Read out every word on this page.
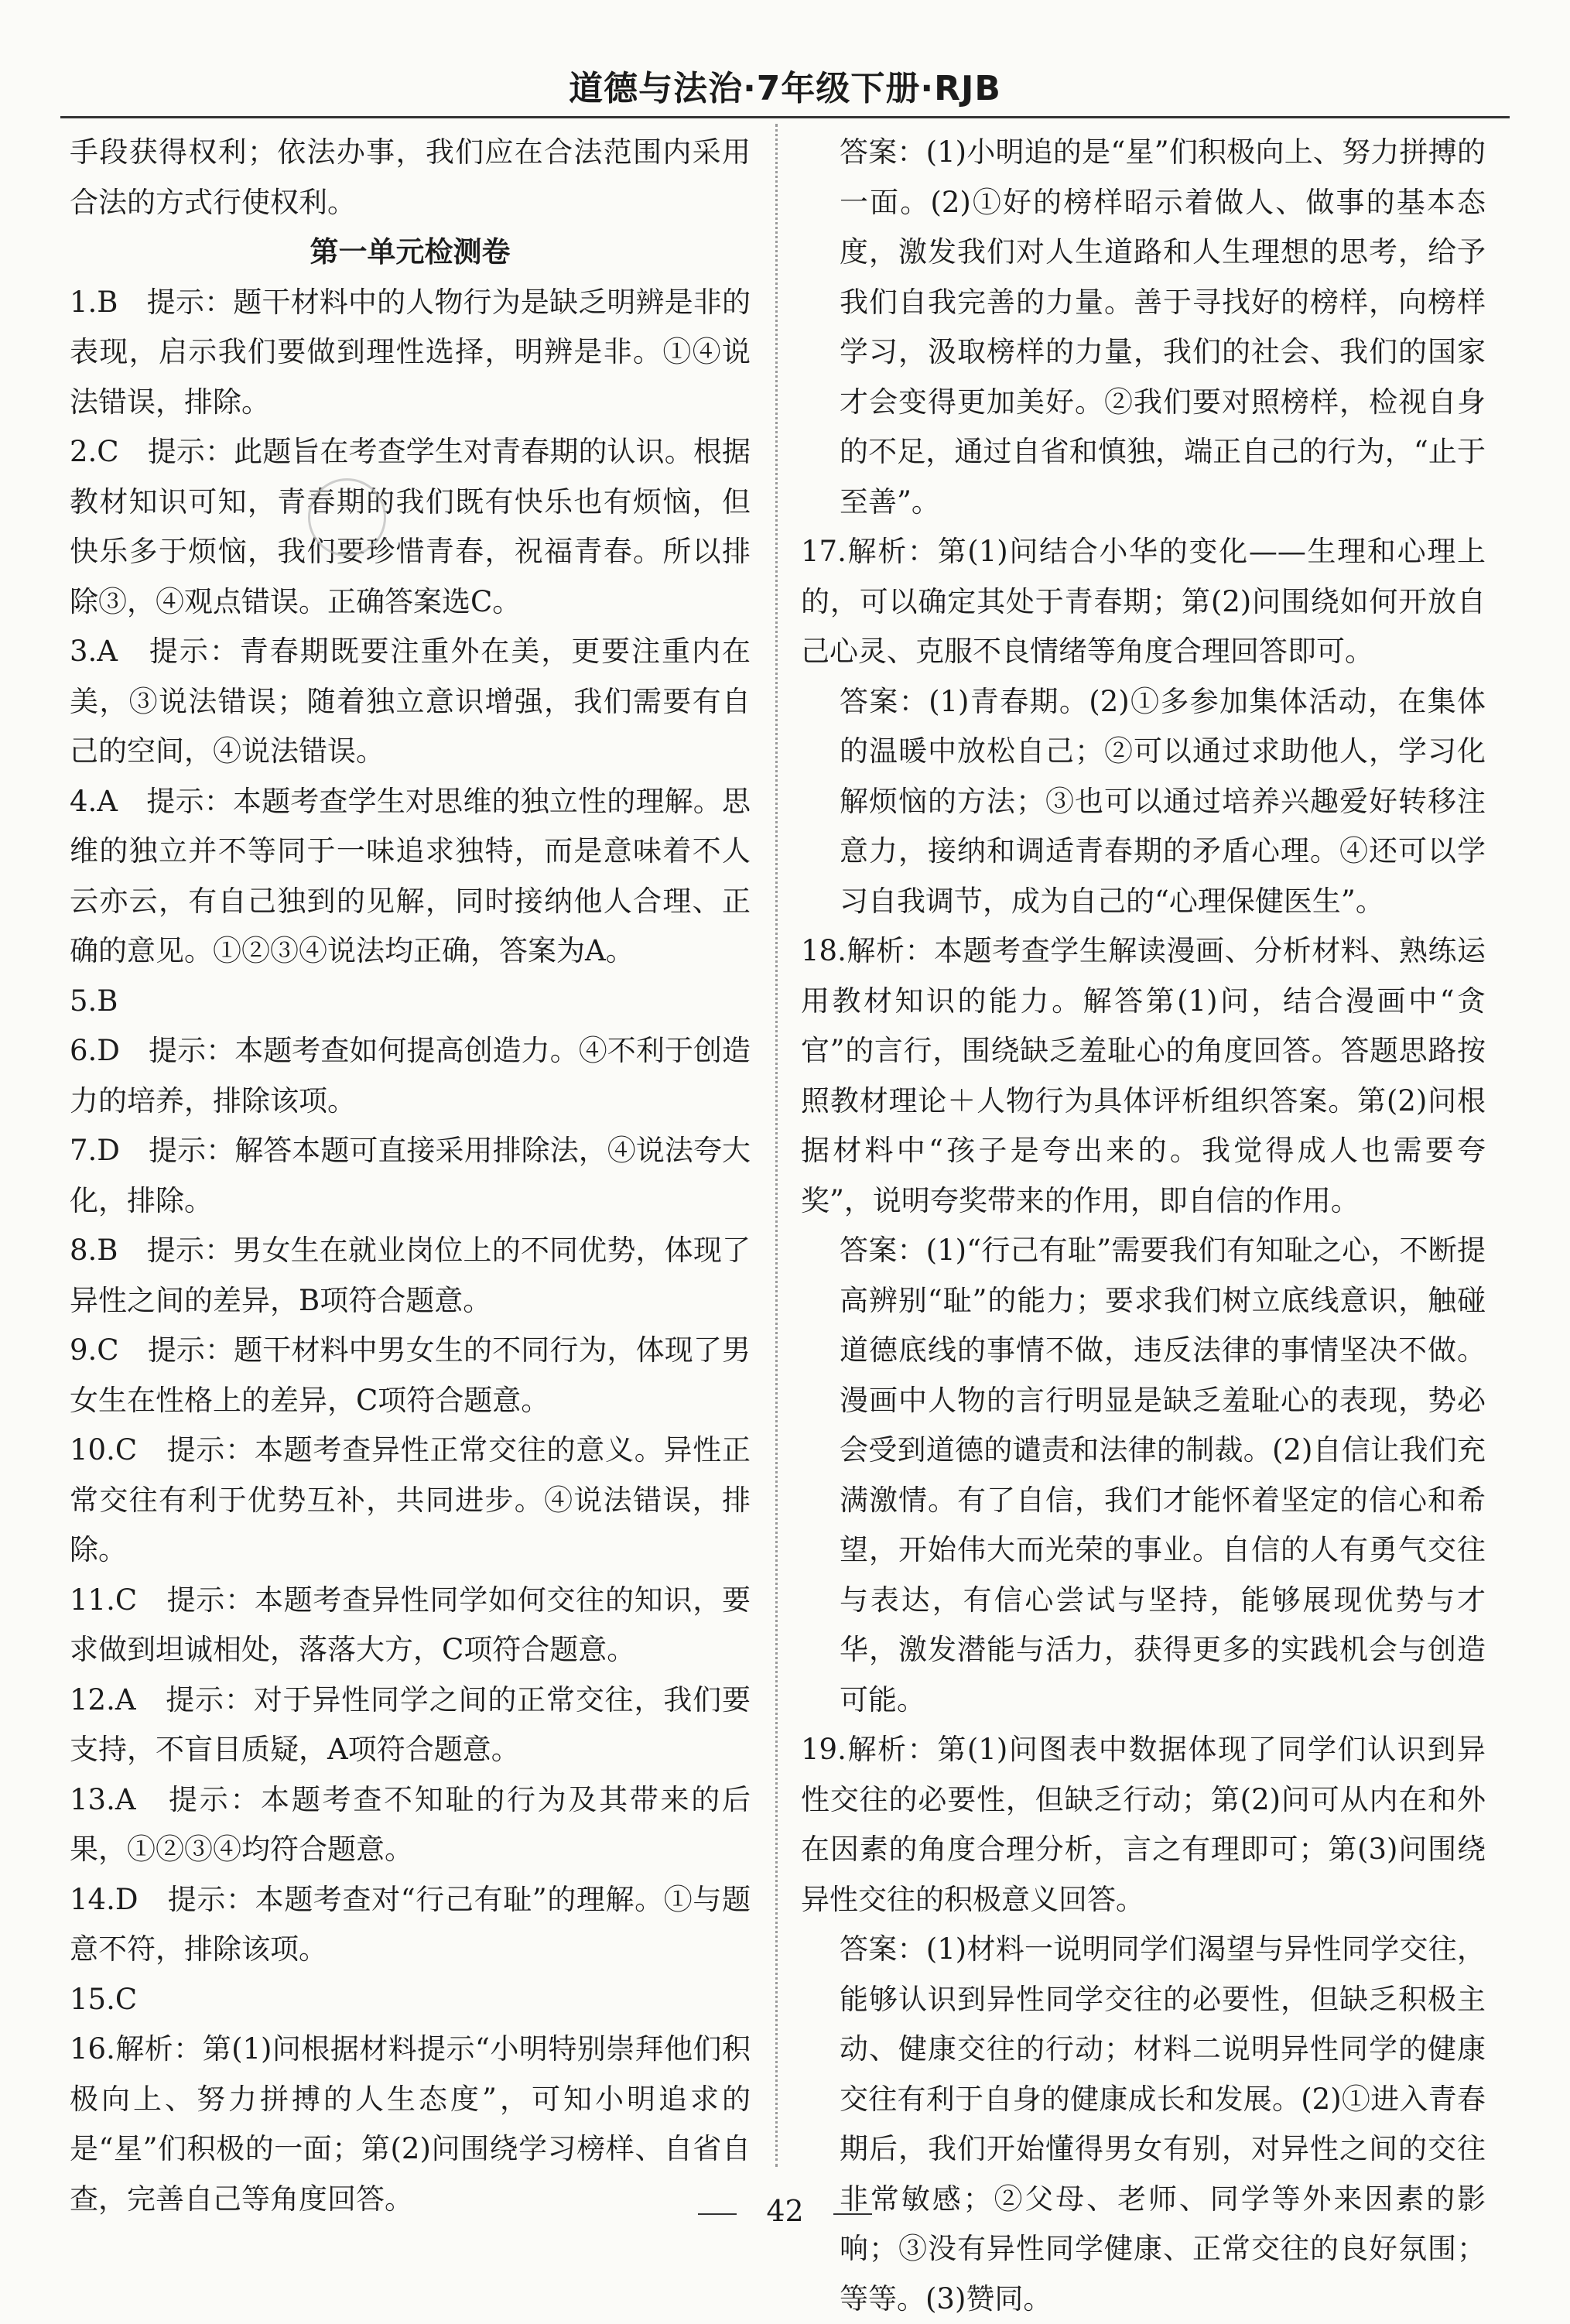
道德与法治·7年级下册·RJB
手段获得权利；依法办事，我们应在合法范围内采用合法的方式行使权利。
第一单元检测卷
1.B　提示：题干材料中的人物行为是缺乏明辨是非的表现，启示我们要做到理性选择，明辨是非。①④说法错误，排除。
2.C　提示：此题旨在考查学生对青春期的认识。根据教材知识可知，青春期的我们既有快乐也有烦恼，但快乐多于烦恼，我们要珍惜青春，祝福青春。所以排除③，④观点错误。正确答案选C。
3.A　提示：青春期既要注重外在美，更要注重内在美，③说法错误；随着独立意识增强，我们需要有自己的空间，④说法错误。
4.A　提示：本题考查学生对思维的独立性的理解。思维的独立并不等同于一味追求独特，而是意味着不人云亦云，有自己独到的见解，同时接纳他人合理、正确的意见。①②③④说法均正确，答案为A。
5.B
6.D　提示：本题考查如何提高创造力。④不利于创造力的培养，排除该项。
7.D　提示：解答本题可直接采用排除法，④说法夸大化，排除。
8.B　提示：男女生在就业岗位上的不同优势，体现了异性之间的差异，B项符合题意。
9.C　提示：题干材料中男女生的不同行为，体现了男女生在性格上的差异，C项符合题意。
10.C　提示：本题考查异性正常交往的意义。异性正常交往有利于优势互补，共同进步。④说法错误，排除。
11.C　提示：本题考查异性同学如何交往的知识，要求做到坦诚相处，落落大方，C项符合题意。
12.A　提示：对于异性同学之间的正常交往，我们要支持，不盲目质疑，A项符合题意。
13.A　提示：本题考查不知耻的行为及其带来的后果，①②③④均符合题意。
14.D　提示：本题考查对“行己有耻”的理解。①与题意不符，排除该项。
15.C
16.解析：第(1)问根据材料提示“小明特别崇拜他们积极向上、努力拼搏的人生态度”，可知小明追求的是“星”们积极的一面；第(2)问围绕学习榜样、自省自查，完善自己等角度回答。
答案：(1)小明追的是“星”们积极向上、努力拼搏的一面。(2)①好的榜样昭示着做人、做事的基本态度，激发我们对人生道路和人生理想的思考，给予我们自我完善的力量。善于寻找好的榜样，向榜样学习，汲取榜样的力量，我们的社会、我们的国家才会变得更加美好。②我们要对照榜样，检视自身的不足，通过自省和慎独，端正自己的行为，“止于至善”。
17.解析：第(1)问结合小华的变化——生理和心理上的，可以确定其处于青春期；第(2)问围绕如何开放自己心灵、克服不良情绪等角度合理回答即可。
答案：(1)青春期。(2)①多参加集体活动，在集体的温暖中放松自己；②可以通过求助他人，学习化解烦恼的方法；③也可以通过培养兴趣爱好转移注意力，接纳和调适青春期的矛盾心理。④还可以学习自我调节，成为自己的“心理保健医生”。
18.解析：本题考查学生解读漫画、分析材料、熟练运用教材知识的能力。解答第(1)问，结合漫画中“贪官”的言行，围绕缺乏羞耻心的角度回答。答题思路按照教材理论＋人物行为具体评析组织答案。第(2)问根据材料中“孩子是夸出来的。我觉得成人也需要夸奖”，说明夸奖带来的作用，即自信的作用。
答案：(1)“行己有耻”需要我们有知耻之心，不断提高辨别“耻”的能力；要求我们树立底线意识，触碰道德底线的事情不做，违反法律的事情坚决不做。漫画中人物的言行明显是缺乏羞耻心的表现，势必会受到道德的谴责和法律的制裁。(2)自信让我们充满激情。有了自信，我们才能怀着坚定的信心和希望，开始伟大而光荣的事业。自信的人有勇气交往与表达，有信心尝试与坚持，能够展现优势与才华，激发潜能与活力，获得更多的实践机会与创造可能。
19.解析：第(1)问图表中数据体现了同学们认识到异性交往的必要性，但缺乏行动；第(2)问可从内在和外在因素的角度合理分析，言之有理即可；第(3)问围绕异性交往的积极意义回答。
答案：(1)材料一说明同学们渴望与异性同学交往，能够认识到异性同学交往的必要性，但缺乏积极主动、健康交往的行动；材料二说明异性同学的健康交往有利于自身的健康成长和发展。(2)①进入青春期后，我们开始懂得男女有别，对异性之间的交往非常敏感；②父母、老师、同学等外来因素的影响；③没有异性同学健康、正常交往的良好氛围；等等。(3)赞同。
42
